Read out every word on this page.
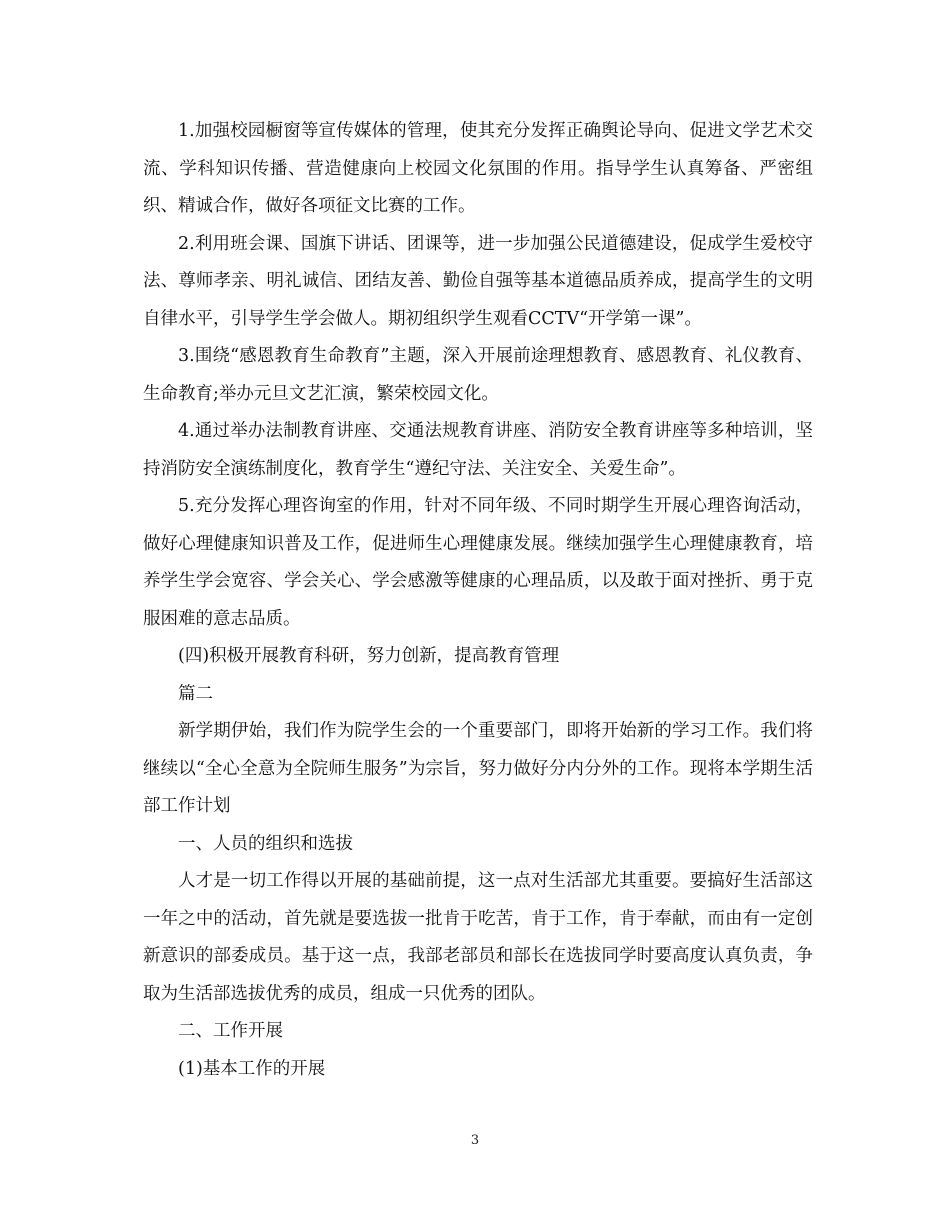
1.加强校园橱窗等宣传媒体的管理，使其充分发挥正确舆论导向、促进文学艺术交流、学科知识传播、营造健康向上校园文化氛围的作用。指导学生认真筹备、严密组织、精诚合作，做好各项征文比赛的工作。

2.利用班会课、国旗下讲话、团课等，进一步加强公民道德建设，促成学生爱校守法、尊师孝亲、明礼诚信、团结友善、勤俭自强等基本道德品质养成，提高学生的文明自律水平，引导学生学会做人。期初组织学生观看CCTV“开学第一课”。

3.围绕“感恩教育生命教育”主题，深入开展前途理想教育、感恩教育、礼仪教育、生命教育;举办元旦文艺汇演，繁荣校园文化。

4.通过举办法制教育讲座、交通法规教育讲座、消防安全教育讲座等多种培训，坚持消防安全演练制度化，教育学生“遵纪守法、关注安全、关爱生命”。

5.充分发挥心理咨询室的作用，针对不同年级、不同时期学生开展心理咨询活动，做好心理健康知识普及工作，促进师生心理健康发展。继续加强学生心理健康教育，培养学生学会宽容、学会关心、学会感激等健康的心理品质，以及敢于面对挫折、勇于克服困难的意志品质。

(四)积极开展教育科研，努力创新，提高教育管理

篇二

新学期伊始，我们作为院学生会的一个重要部门，即将开始新的学习工作。我们将继续以“全心全意为全院师生服务”为宗旨，努力做好分内分外的工作。现将本学期生活部工作计划

一、人员的组织和选拔

人才是一切工作得以开展的基础前提，这一点对生活部尤其重要。要搞好生活部这一年之中的活动，首先就是要选拔一批肯于吃苦，肯于工作，肯于奉献，而由有一定创新意识的部委成员。基于这一点，我部老部员和部长在选拔同学时要高度认真负责，争取为生活部选拔优秀的成员，组成一只优秀的团队。

二、工作开展

(1)基本工作的开展

3
